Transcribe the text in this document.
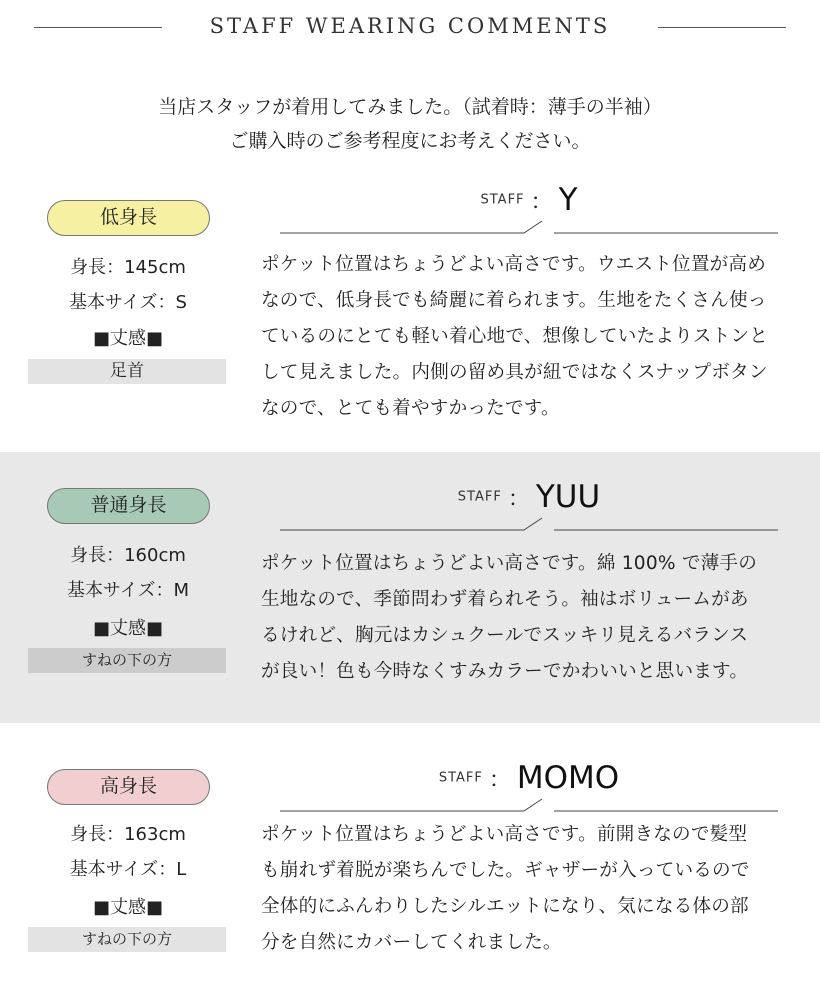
STAFF WEARING COMMENTS
当店スタッフが着用してみました。（試着時：薄手の半袖）
ご購入時のご参考程度にお考えください。
低身長
身長：145cm
基本サイズ：S
■丈感■
足首
STAFF ： Y
ポケット位置はちょうどよい高さです。ウエスト位置が高め
なので、低身長でも綺麗に着られます。生地をたくさん使っ
ているのにとても軽い着心地で、想像していたよりストンと
して見えました。内側の留め具が紐ではなくスナップボタン
なので、とても着やすかったです。
普通身長
身長：160cm
基本サイズ：M
■丈感■
すねの下の方
STAFF ： YUU
ポケット位置はちょうどよい高さです。綿 100% で薄手の
生地なので、季節問わず着られそう。袖はボリュームがあ
るけれど、胸元はカシュクールでスッキリ見えるバランス
が良い！色も今時なくすみカラーでかわいいと思います。
高身長
身長：163cm
基本サイズ：L
■丈感■
すねの下の方
STAFF ： MOMO
ポケット位置はちょうどよい高さです。前開きなので髪型
も崩れず着脱が楽ちんでした。ギャザーが入っているので
全体的にふんわりしたシルエットになり、気になる体の部
分を自然にカバーしてくれました。
